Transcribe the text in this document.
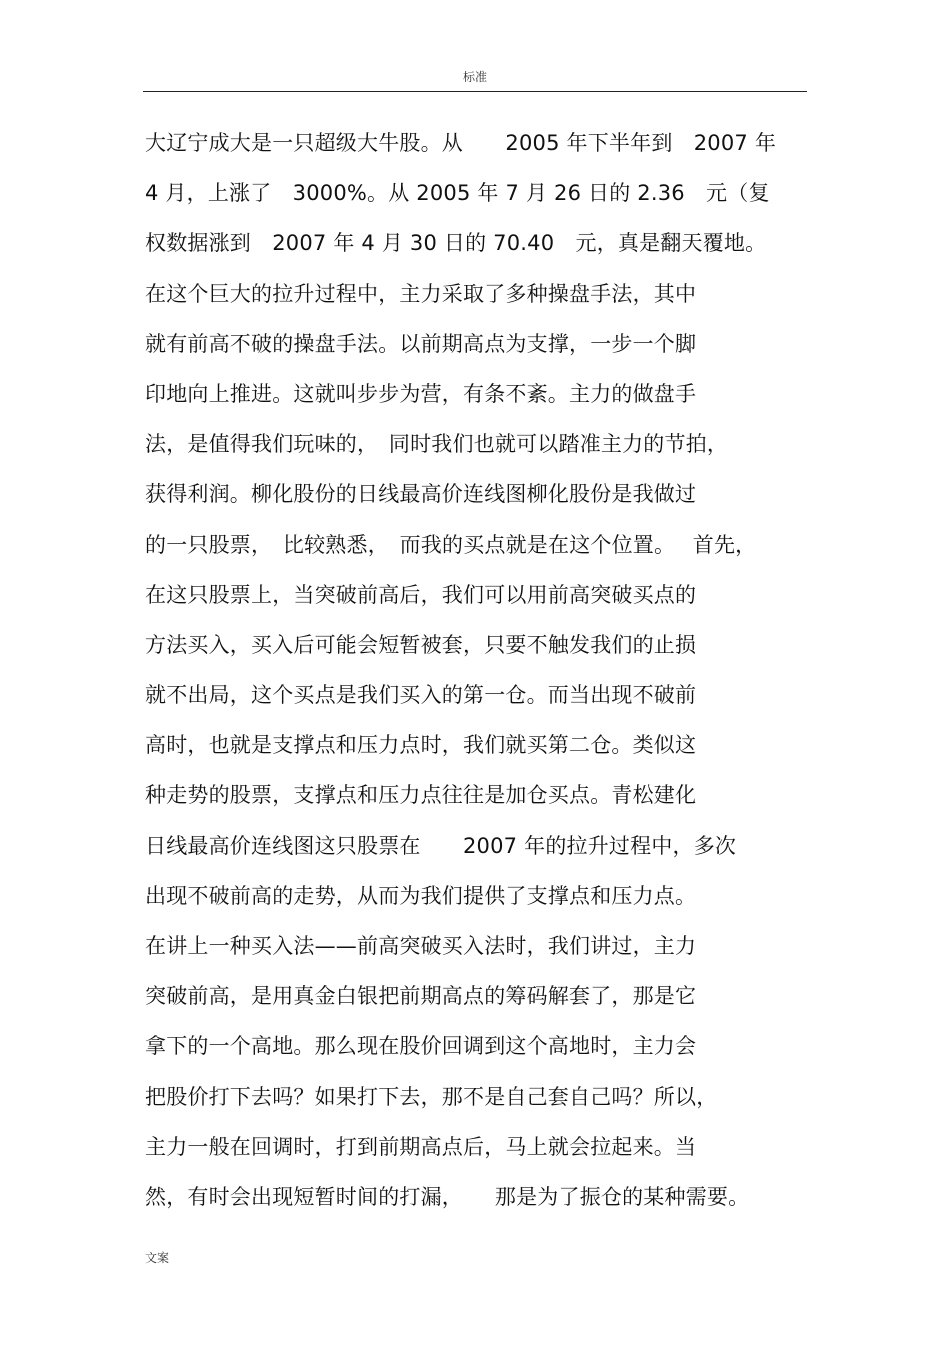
标准
大辽宁成大是一只超级大牛股。从　　2005 年下半年到　2007 年
4 月，上涨了　3000%。从 2005 年 7 月 26 日的 2.36　元（复
权数据涨到　2007 年 4 月 30 日的 70.40　元，真是翻天覆地。
在这个巨大的拉升过程中，主力采取了多种操盘手法，其中
就有前高不破的操盘手法。以前期高点为支撑，一步一个脚
印地向上推进。这就叫步步为营，有条不紊。主力的做盘手
法，是值得我们玩味的，　同时我们也就可以踏准主力的节拍，
获得利润。柳化股份的日线最高价连线图柳化股份是我做过
的一只股票，　比较熟悉，　而我的买点就是在这个位置。　 首先，
在这只股票上，当突破前高后，我们可以用前高突破买点的
方法买入，买入后可能会短暂被套，只要不触发我们的止损
就不出局，这个买点是我们买入的第一仓。而当出现不破前
高时，也就是支撑点和压力点时，我们就买第二仓。类似这
种走势的股票，支撑点和压力点往往是加仓买点。青松建化
日线最高价连线图这只股票在　　2007 年的拉升过程中，多次
出现不破前高的走势，从而为我们提供了支撑点和压力点。
在讲上一种买入法——前高突破买入法时，我们讲过，主力
突破前高，是用真金白银把前期高点的筹码解套了，那是它
拿下的一个高地。那么现在股价回调到这个高地时，主力会
把股价打下去吗？如果打下去，那不是自己套自己吗？所以，
主力一般在回调时，打到前期高点后，马上就会拉起来。当
然，有时会出现短暂时间的打漏，　　那是为了振仓的某种需要。
文案
